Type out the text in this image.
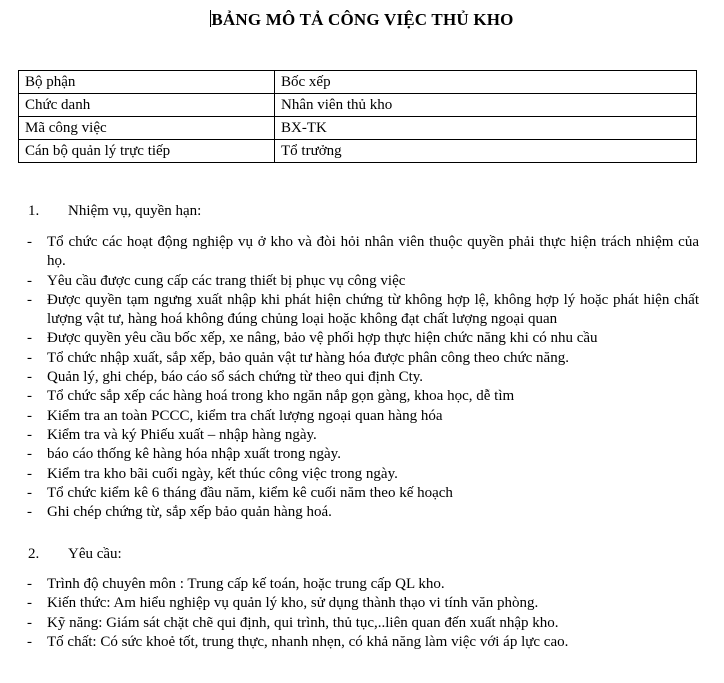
BẢNG MÔ TẢ CÔNG VIỆC THỦ KHO
Bộ phận	Bốc xếp
Chức danh	Nhân viên thủ kho
Mã công việc	BX-TK
Cán bộ quản lý trực tiếp	Tổ trưởng
1. Nhiệm vụ, quyền hạn:
- Tổ chức các hoạt động nghiệp vụ ở kho và đòi hỏi nhân viên thuộc quyền phải thực hiện trách nhiệm của họ.
- Yêu cầu được cung cấp các trang thiết bị phục vụ công việc
- Được quyền tạm ngưng xuất nhập khi phát hiện chứng từ không hợp lệ, không hợp lý hoặc phát hiện chất lượng vật tư, hàng hoá không đúng chủng loại hoặc không đạt chất lượng ngoại quan
- Được quyền yêu cầu bốc xếp, xe nâng, bảo vệ phối hợp thực hiện chức năng khi có nhu cầu
- Tổ chức nhập xuất, sắp xếp, bảo quản vật tư hàng hóa được phân công theo chức năng.
- Quản lý, ghi chép, báo cáo sổ sách chứng từ theo qui định Cty.
- Tổ chức sắp xếp các hàng hoá trong kho ngăn nắp gọn gàng, khoa học, dễ tìm
- Kiểm tra an toàn PCCC, kiểm tra chất lượng ngoại quan hàng hóa
- Kiểm tra và ký Phiếu xuất – nhập hàng ngày.
- báo cáo thống kê hàng hóa nhập xuất trong ngày.
- Kiểm tra kho bãi cuối ngày, kết thúc công việc trong ngày.
- Tổ chức kiểm kê 6 tháng đầu năm, kiểm kê cuối năm theo kế hoạch
- Ghi chép chứng từ, sắp xếp bảo quản hàng hoá.
2. Yêu cầu:
- Trình độ chuyên môn : Trung cấp kế toán, hoặc trung cấp QL kho.
- Kiến thức: Am hiểu nghiệp vụ quản lý kho, sử dụng thành thạo vi tính văn phòng.
- Kỹ năng: Giám sát chặt chẽ qui định, qui trình, thủ tục,..liên quan đến xuất nhập kho.
- Tố chất: Có sức khoẻ tốt, trung thực, nhanh nhẹn, có khả năng làm việc với áp lực cao.
